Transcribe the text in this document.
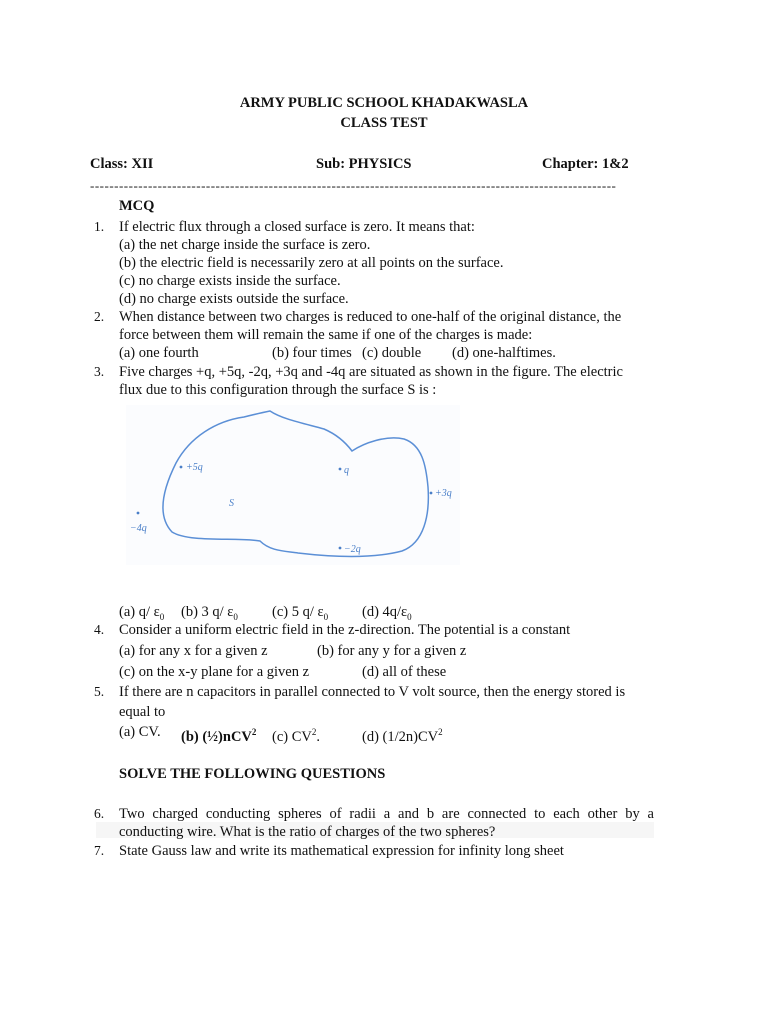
ARMY PUBLIC SCHOOL KHADAKWASLA
CLASS TEST
Class: XII	Sub: PHYSICS	Chapter: 1&2
-------------------------------------------------------------------------------------------------------------
MCQ
1. If electric flux through a closed surface is zero. It means that:
(a) the net charge inside the surface is zero.
(b) the electric field is necessarily zero at all points on the surface.
(c) no charge exists inside the surface.
(d) no charge exists outside the surface.
2. When distance between two charges is reduced to one-half of the original distance, the
force between them will remain the same if one of the charges is made:
(a) one fourth	(b) four times (c) double (d) one-halftimes.
3. Five charges +q, +5q, -2q, +3q and -4q are situated as shown in the figure. The electric
flux due to this configuration through the surface S is :
+5q	q
S
+3q
−2q
−4q
(a) q/ $\varepsilon_0$ (b) 3 q/ $\varepsilon_0$ (c) 5 q/ $\varepsilon_0$ (d) $4q/\varepsilon_0$
4. Consider a uniform electric field in the z-direction. The potential is a constant
(a) for any x for a given z	(b) for any y for a given z
(c) on the x-y plane for a given z	(d) all of these
5. If there are n capacitors in parallel connected to V volt source, then the energy stored is
equal to
(a) CV. (b) (½)nCV$^2$ (c) $CV^2$.	(d) $(1/2n)CV^2$
SOLVE THE FOLLOWING QUESTIONS
6. Two charged conducting spheres of radii a and b are connected to each other by a conducting wire. What is the ratio of charges of the two spheres?
7. State Gauss law and write its mathematical expression for infinity long sheet
